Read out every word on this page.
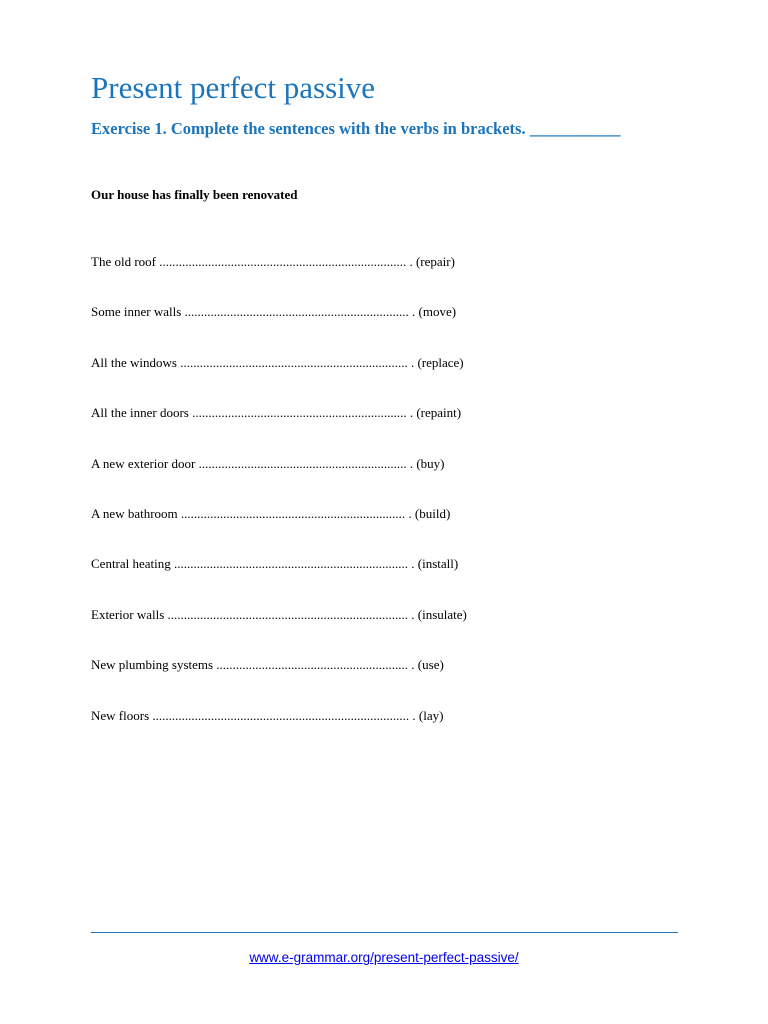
Present perfect passive

Exercise 1. Complete the sentences with the verbs in brackets. ___________

Our house has finally been renovated

The old roof ............................................................................ . (repair)
Some inner walls ..................................................................... . (move)
All the windows ...................................................................... . (replace)
All the inner doors .................................................................. . (repaint)
A new exterior door ................................................................ . (buy)
A new bathroom ..................................................................... . (build)
Central heating ........................................................................ . (install)
Exterior walls .......................................................................... . (insulate)
New plumbing systems ........................................................... . (use)
New floors ............................................................................... . (lay)
www.e-grammar.org/present-perfect-passive/
